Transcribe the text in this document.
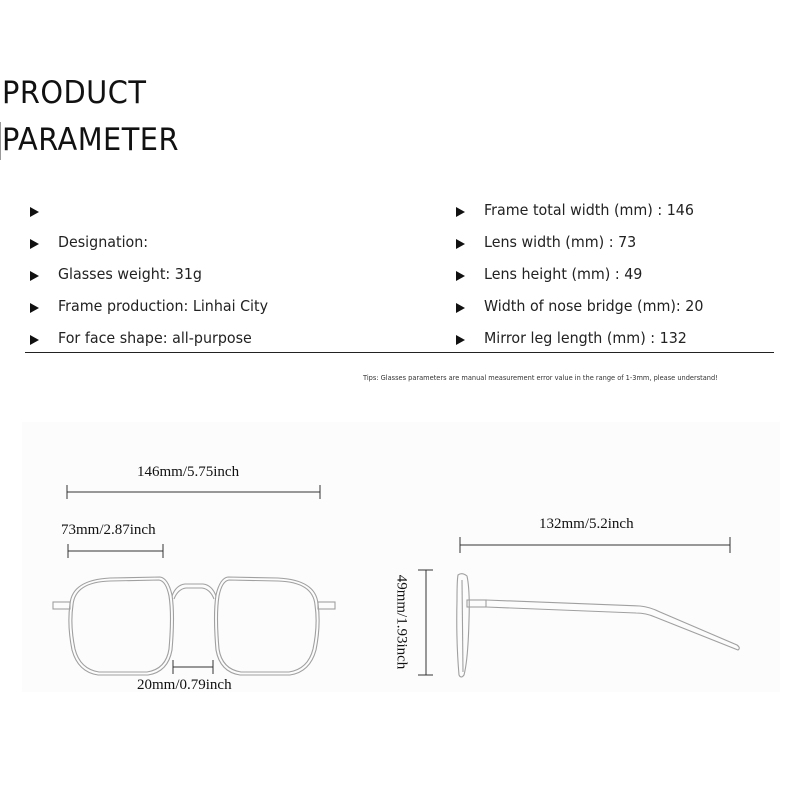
PRODUCT
PARAMETER
Designation:
Glasses weight: 31g
Frame production: Linhai City
For face shape: all-purpose
Frame total width (mm) : 146
Lens width (mm) : 73
Lens height (mm) : 49
Width of nose bridge (mm): 20
Mirror leg length (mm) : 132
Tips: Glasses parameters are manual measurement error value in the range of 1-3mm, please understand!
146mm/5.75inch
73mm/2.87inch
20mm/0.79inch
132mm/5.2inch
49mm/1.93inch
